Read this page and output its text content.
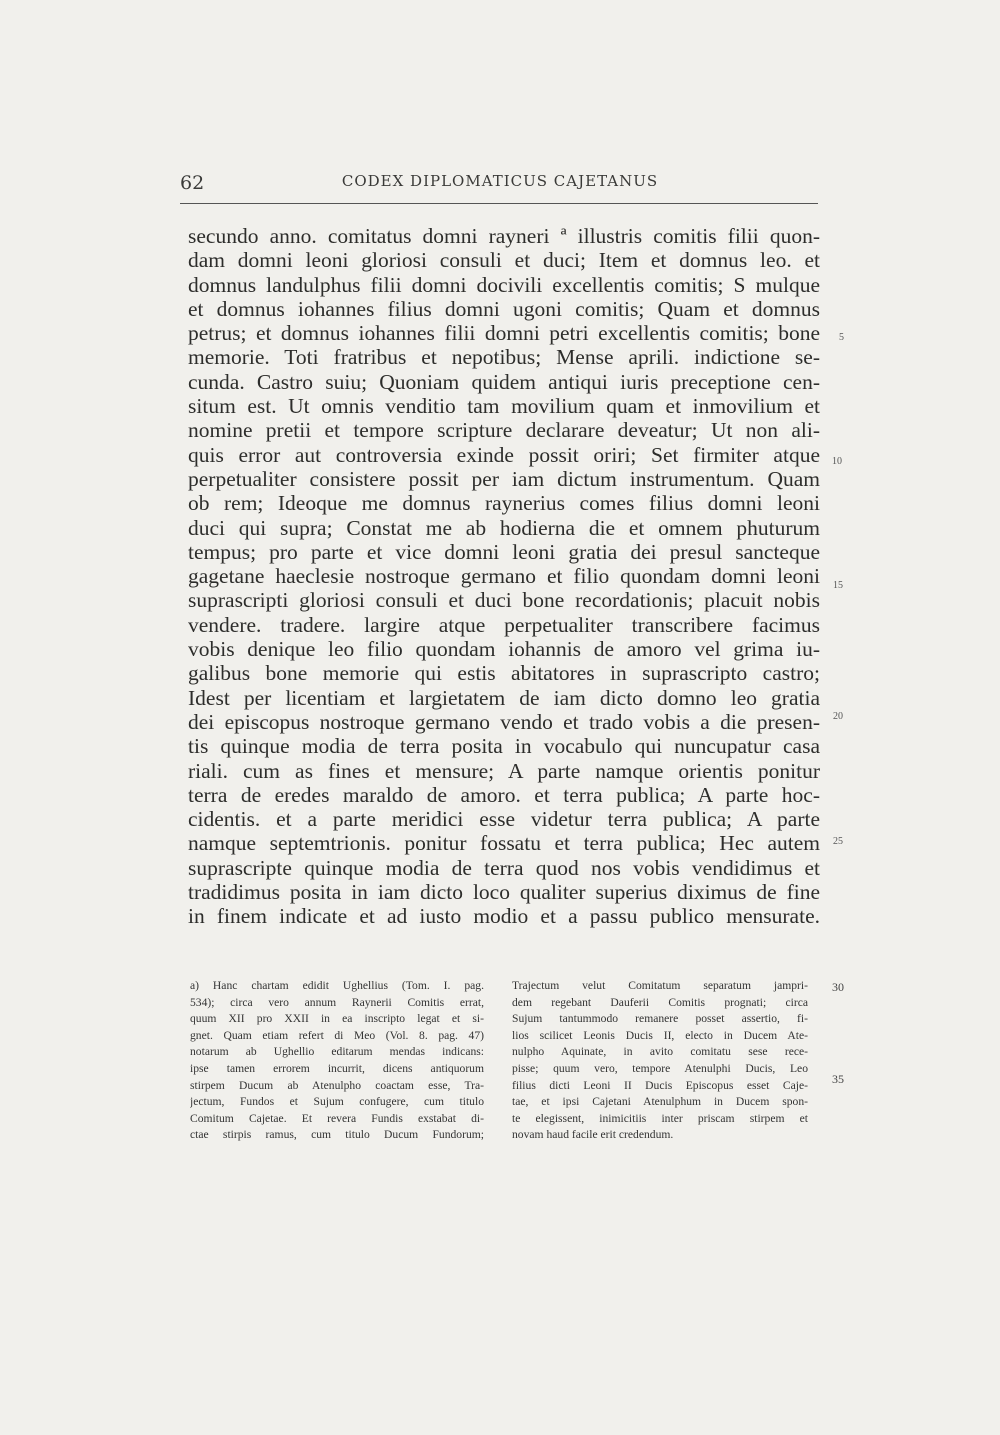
62	CODEX DIPLOMATICUS CAJETANUS
secundo anno. comitatus domni rayneri ª illustris comitis filii quon-
dam domni leoni gloriosi consuli et duci; Item et domnus leo. et
domnus landulphus filii domni docivili excellentis comitis; S mulque
et domnus iohannes filius domni ugoni comitis; Quam et domnus
petrus; et domnus iohannes filii domni petri excellentis comitis; bone
memorie. Toti fratribus et nepotibus; Mense aprili. indictione se-
cunda. Castro suiu; Quoniam quidem antiqui iuris preceptione cen-
situm est. Ut omnis venditio tam movilium quam et inmovilium et
nomine pretii et tempore scripture declarare deveatur; Ut non ali-
quis error aut controversia exinde possit oriri; Set firmiter atque
perpetualiter consistere possit per iam dictum instrumentum. Quam
ob rem; Ideoque me domnus raynerius comes filius domni leoni
duci qui supra; Constat me ab hodierna die et omnem phuturum
tempus; pro parte et vice domni leoni gratia dei presul sancteque
gagetane haeclesie nostroque germano et filio quondam domni leoni
suprascripti gloriosi consuli et duci bone recordationis; placuit nobis
vendere. tradere. largire atque perpetualiter transcribere facimus
vobis denique leo filio quondam iohannis de amoro vel grima iu-
galibus bone memorie qui estis abitatores in suprascripto castro;
Idest per licentiam et largietatem de iam dicto domno leo gratia
dei episcopus nostroque germano vendo et trado vobis a die presen-
tis quinque modia de terra posita in vocabulo qui nuncupatur casa
riali. cum as fines et mensure; A parte namque orientis ponitur
terra de eredes maraldo de amoro. et terra publica; A parte hoc-
cidentis. et a parte meridici esse videtur terra publica; A parte
namque septemtrionis. ponitur fossatu et terra publica; Hec autem
suprascripte quinque modia de terra quod nos vobis vendidimus et
tradidimus posita in iam dicto loco qualiter superius diximus de fine
in finem indicate et ad iusto modio et a passu publico mensurate.
5
10
15
20
25
a) Hanc chartam edidit Ughellius (Tom. I. pag.
534); circa vero annum Raynerii Comitis errat,
quum XII pro XXII in ea inscripto legat et si-
gnet. Quam etiam refert di Meo (Vol. 8. pag. 47)
notarum ab Ughellio editarum mendas indicans:
ipse tamen errorem incurrit, dicens antiquorum
stirpem Ducum ab Atenulpho coactam esse, Tra-
jectum, Fundos et Sujum confugere, cum titulo
Comitum Cajetae. Et revera Fundis exstabat di-
ctae stirpis ramus, cum titulo Ducum Fundorum;
Trajectum velut Comitatum separatum jampri-
dem regebant Dauferii Comitis prognati; circa
Sujum tantummodo remanere posset assertio, fi-
lios scilicet Leonis Ducis II, electo in Ducem Ate-
nulpho Aquinate, in avito comitatu sese rece-
pisse; quum vero, tempore Atenulphi Ducis, Leo
filius dicti Leoni II Ducis Episcopus esset Caje-
tae, et ipsi Cajetani Atenulphum in Ducem spon-
te elegissent, inimicitiis inter priscam stirpem et
novam haud facile erit credendum.
30
35
